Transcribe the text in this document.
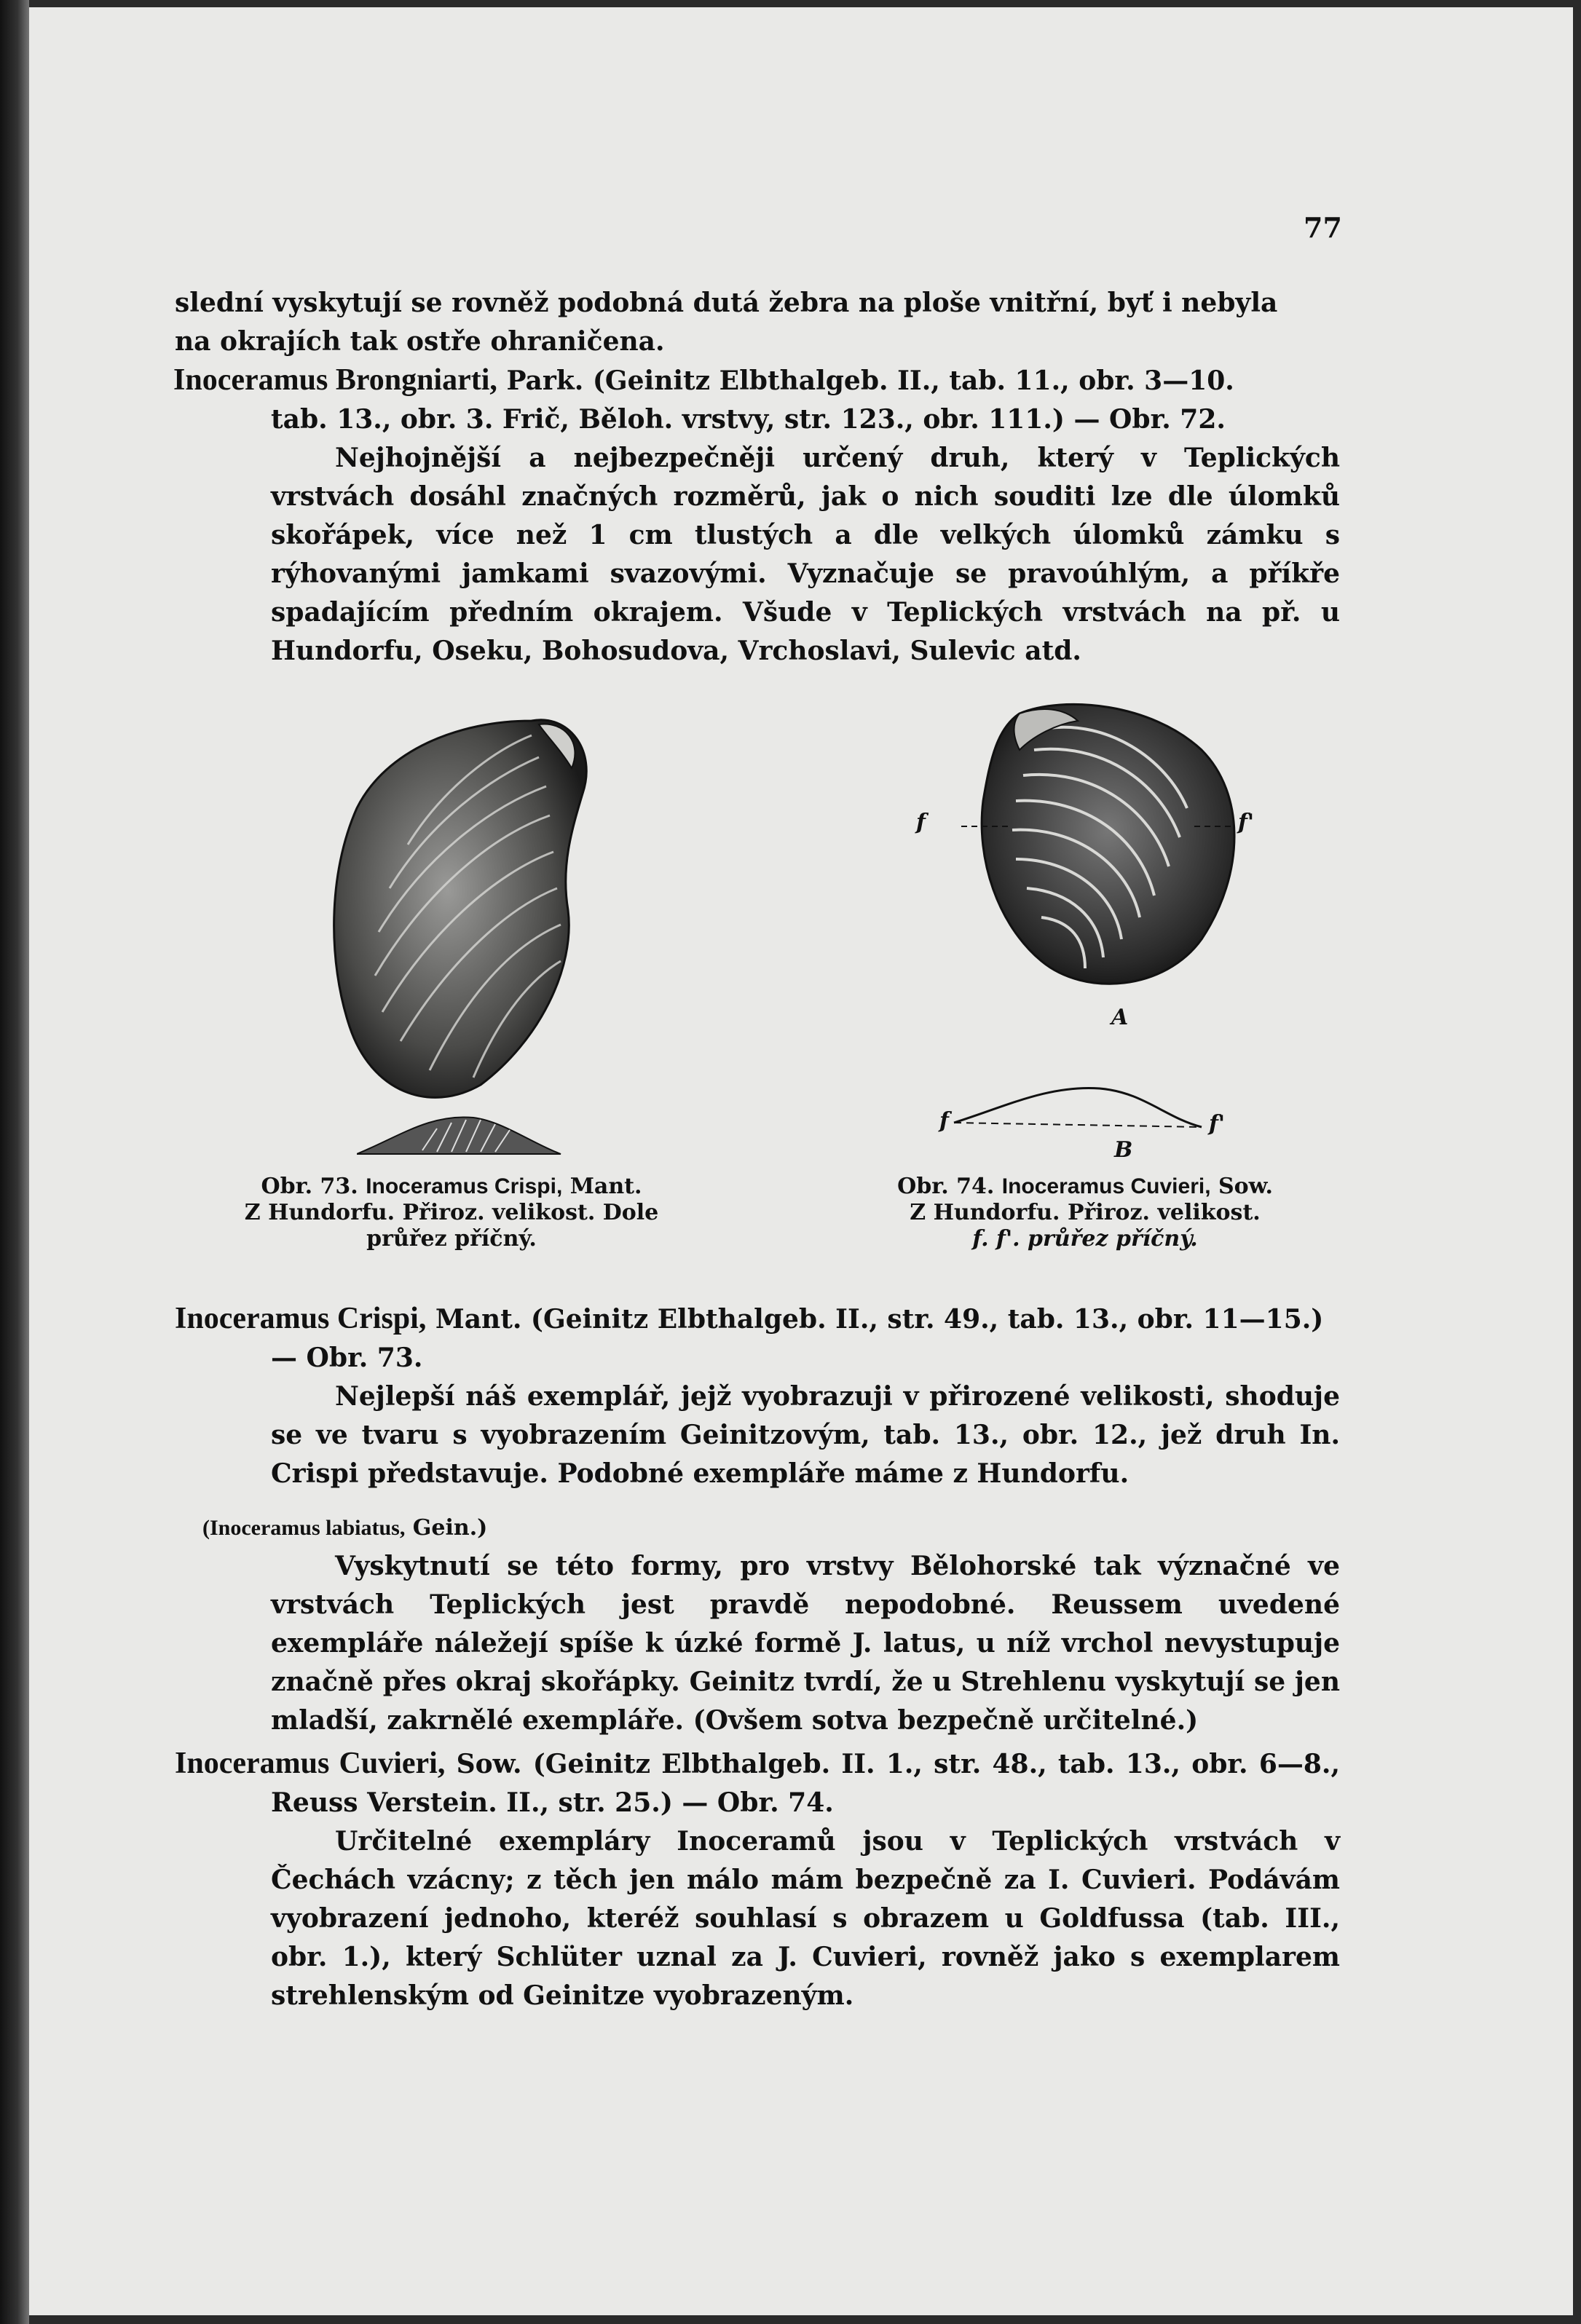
77

slední vyskytují se rovněž podobná dutá žebra na ploše vnitřní, byť i nebyla

na okrajích tak ostře ohraničena.

Inoceramus Brongniarti, Park. (Geinitz Elbthalgeb. II., tab. 11., obr. 3—10.

tab. 13., obr. 3. Frič, Běloh. vrstvy, str. 123., obr. 111.) — Obr. 72.

Nejhojnější a nejbezpečněji určený druh, který v Teplických vrstvách dosáhl značných rozměrů, jak o nich souditi lze dle úlomků skořápek, více než 1 cm tlustých a dle velkých úlomků zámku s rýhovanými jamkami svazovými. Vyznačuje se pravoúhlým, a příkře spadajícím předním okrajem. Všude v Teplických vrstvách na př. u Hundorfu, Oseku, Bohosudova, Vrchoslavi, Sulevic atd.

Obr. 73. Inoceramus Crispi, Mant.
Z Hundorfu. Přiroz. velikost. Dole
průřez příčný.
f	f'
A
f	f'
B
Obr. 74. Inoceramus Cuvieri, Sow.
Z Hundorfu. Přiroz. velikost.
f. f'. průřez příčný.

Inoceramus Crispi, Mant. (Geinitz Elbthalgeb. II., str. 49., tab. 13., obr. 11—15.) — Obr. 73.

Nejlepší náš exemplář, jejž vyobrazuji v přirozené velikosti, shoduje se ve tvaru s vyobrazením Geinitzovým, tab. 13., obr. 12., jež druh In. Crispi představuje. Podobné exempláře máme z Hundorfu.

(Inoceramus labiatus, Gein.)

Vyskytnutí se této formy, pro vrstvy Bělohorské tak význačné ve vrstvách Teplických jest pravdě nepodobné. Reussem uvedené exempláře náležejí spíše k úzké formě J. latus, u níž vrchol nevystupuje značně přes okraj skořápky. Geinitz tvrdí, že u Strehlenu vyskytují se jen mladší, zakrnělé exempláře. (Ovšem sotva bezpečně určitelné.)

Inoceramus Cuvieri, Sow. (Geinitz Elbthalgeb. II. 1., str. 48., tab. 13., obr. 6—8., Reuss Verstein. II., str. 25.) — Obr. 74.

Určitelné exempláry Inoceramů jsou v Teplických vrstvách v Čechách vzácny; z těch jen málo mám bezpečně za I. Cuvieri. Podávám vyobrazení jednoho, kteréž souhlasí s obrazem u Goldfussa (tab. III., obr. 1.), který Schlüter uznal za J. Cuvieri, rovněž jako s exemplarem strehlenským od Geinitze vyobrazeným.
